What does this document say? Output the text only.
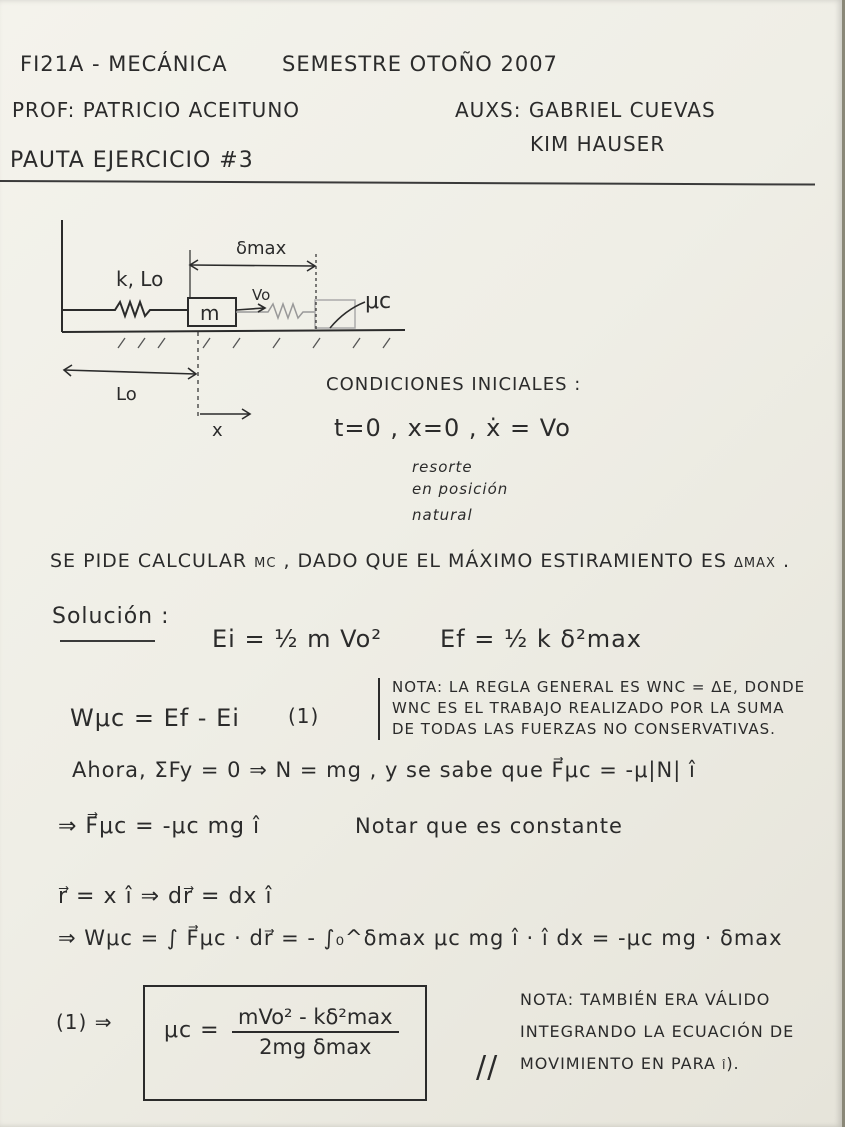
FI21A - MECÁNICA	SEMESTRE OTOÑO 2007
PROF: PATRICIO ACEITUNO	AUXS: GABRIEL CUEVAS
KIM HAUSER
PAUTA EJERCICIO #3
k, Lo
m
Vo
δmax
μc
Lo
x
CONDICIONES INICIALES :
t=0 , x=0 , ẋ = Vo
resorte
en posición
natural
SE PIDE CALCULAR μc , DADO QUE EL MÁXIMO ESTIRAMIENTO ES δmax .
Solución :
Ei = ½ m Vo² Ef = ½ k δ²max
Wμc = Ef - Ei (1)
NOTA: LA REGLA GENERAL ES WNC = ΔE, DONDE
WNC ES EL TRABAJO REALIZADO POR LA SUMA
DE TODAS LAS FUERZAS NO CONSERVATIVAS.
Ahora, ΣFy = 0 ⇒ N = mg , y se sabe que F⃗μc = -μ|N| î
⇒ F⃗μc = -μc mg î	Notar que es constante
r⃗ = x î ⇒ dr⃗ = dx î
⇒ Wμc = ∫ F⃗μc · dr⃗ = - ∫₀^δmax μc mg î · î dx = -μc mg · δmax
(1) ⇒ μc =
mVo² - kδ²max
2mg δmax
NOTA: TAMBIÉN ERA VÁLIDO
INTEGRANDO LA ECUACIÓN DE
MOVIMIENTO EN PARA î).
//
